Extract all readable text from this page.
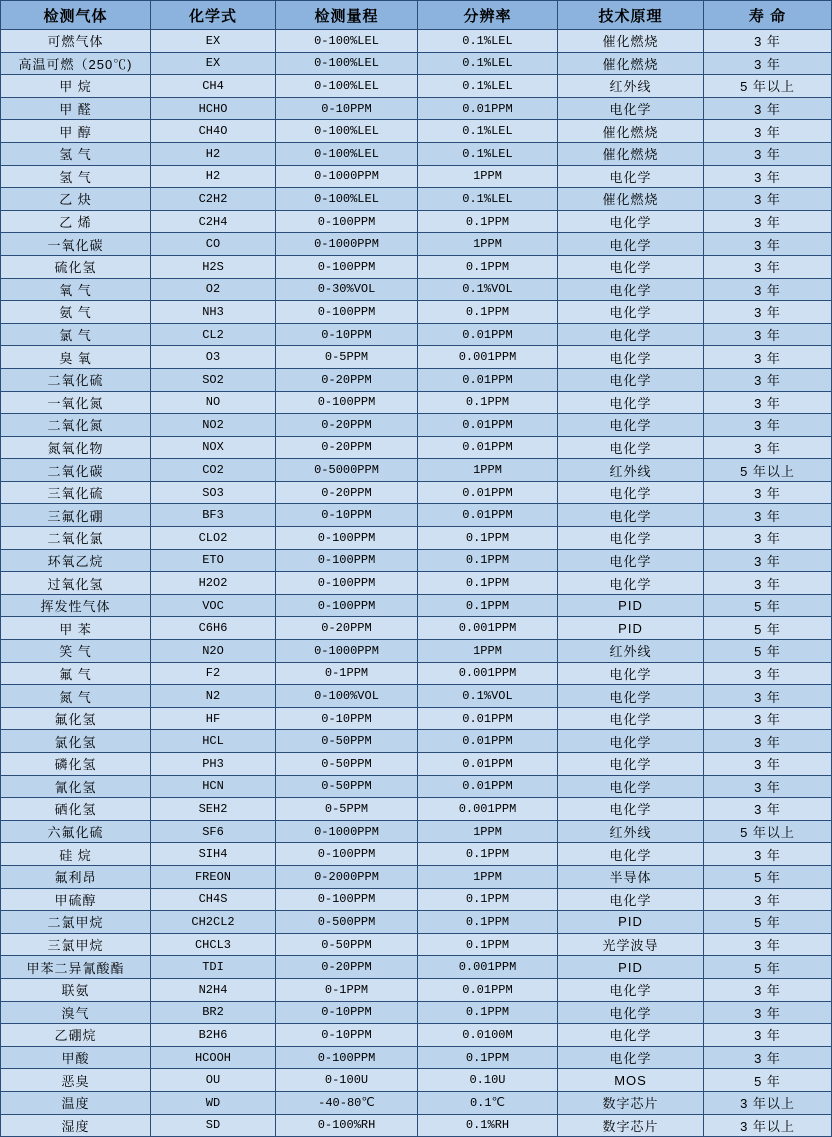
检测气体	化学式	检测量程	分辨率	技术原理	寿 命
可燃气体	EX	0-100%LEL	0.1%LEL	催化燃烧	3 年
高温可燃（250℃)	EX	0-100%LEL	0.1%LEL	催化燃烧	3 年
甲 烷	CH4	0-100%LEL	0.1%LEL	红外线	5 年以上
甲 醛	HCHO	0-10PPM	0.01PPM	电化学	3 年
甲 醇	CH4O	0-100%LEL	0.1%LEL	催化燃烧	3 年
氢 气	H2	0-100%LEL	0.1%LEL	催化燃烧	3 年
氢 气	H2	0-1000PPM	1PPM	电化学	3 年
乙 炔	C2H2	0-100%LEL	0.1%LEL	催化燃烧	3 年
乙 烯	C2H4	0-100PPM	0.1PPM	电化学	3 年
一氧化碳	CO	0-1000PPM	1PPM	电化学	3 年
硫化氢	H2S	0-100PPM	0.1PPM	电化学	3 年
氧 气	O2	0-30%VOL	0.1%VOL	电化学	3 年
氨 气	NH3	0-100PPM	0.1PPM	电化学	3 年
氯 气	CL2	0-10PPM	0.01PPM	电化学	3 年
臭 氧	O3	0-5PPM	0.001PPM	电化学	3 年
二氧化硫	SO2	0-20PPM	0.01PPM	电化学	3 年
一氧化氮	NO	0-100PPM	0.1PPM	电化学	3 年
二氧化氮	NO2	0-20PPM	0.01PPM	电化学	3 年
氮氧化物	NOX	0-20PPM	0.01PPM	电化学	3 年
二氧化碳	CO2	0-5000PPM	1PPM	红外线	5 年以上
三氧化硫	SO3	0-20PPM	0.01PPM	电化学	3 年
三氟化硼	BF3	0-10PPM	0.01PPM	电化学	3 年
二氧化氯	CLO2	0-100PPM	0.1PPM	电化学	3 年
环氧乙烷	ETO	0-100PPM	0.1PPM	电化学	3 年
过氧化氢	H2O2	0-100PPM	0.1PPM	电化学	3 年
挥发性气体	VOC	0-100PPM	0.1PPM	PID	5 年
甲 苯	C6H6	0-20PPM	0.001PPM	PID	5 年
笑 气	N2O	0-1000PPM	1PPM	红外线	5 年
氟 气	F2	0-1PPM	0.001PPM	电化学	3 年
氮 气	N2	0-100%VOL	0.1%VOL	电化学	3 年
氟化氢	HF	0-10PPM	0.01PPM	电化学	3 年
氯化氢	HCL	0-50PPM	0.01PPM	电化学	3 年
磷化氢	PH3	0-50PPM	0.01PPM	电化学	3 年
氰化氢	HCN	0-50PPM	0.01PPM	电化学	3 年
硒化氢	SEH2	0-5PPM	0.001PPM	电化学	3 年
六氟化硫	SF6	0-1000PPM	1PPM	红外线	5 年以上
硅 烷	SIH4	0-100PPM	0.1PPM	电化学	3 年
氟利昂	FREON	0-2000PPM	1PPM	半导体	5 年
甲硫醇	CH4S	0-100PPM	0.1PPM	电化学	3 年
二氯甲烷	CH2CL2	0-500PPM	0.1PPM	PID	5 年
三氯甲烷	CHCL3	0-50PPM	0.1PPM	光学波导	3 年
甲苯二异氰酸酯	TDI	0-20PPM	0.001PPM	PID	5 年
联氨	N2H4	0-1PPM	0.01PPM	电化学	3 年
溴气	BR2	0-10PPM	0.1PPM	电化学	3 年
乙硼烷	B2H6	0-10PPM	0.0100M	电化学	3 年
甲酸	HCOOH	0-100PPM	0.1PPM	电化学	3 年
恶臭	OU	0-100U	0.10U	MOS	5 年
温度	WD	-40-80℃	0.1℃	数字芯片	3 年以上
湿度	SD	0-100%RH	0.1%RH	数字芯片	3 年以上
